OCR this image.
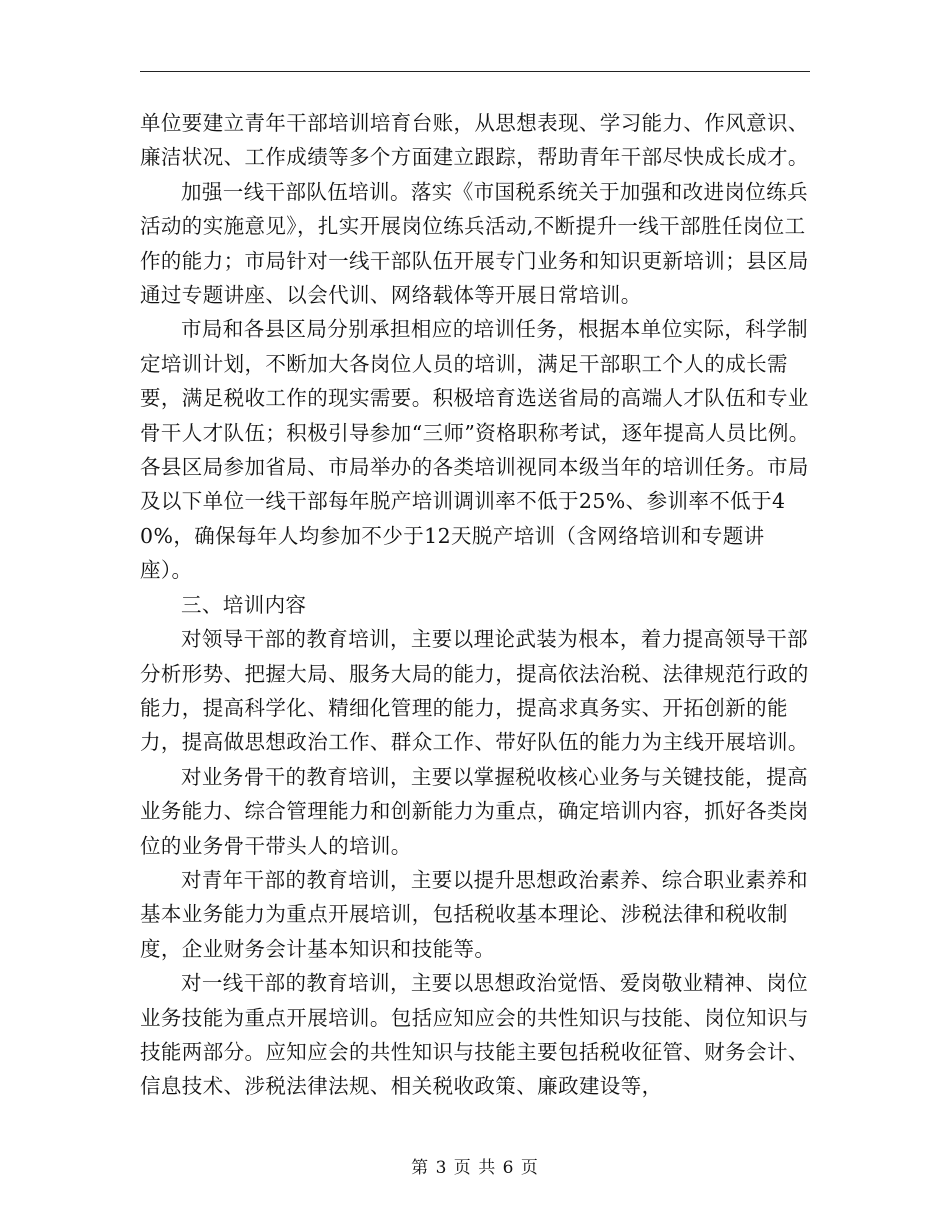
单位要建立青年干部培训培育台账，从思想表现、学习能力、作风意识、廉洁状况、工作成绩等多个方面建立跟踪，帮助青年干部尽快成长成才。

加强一线干部队伍培训。落实《市国税系统关于加强和改进岗位练兵活动的实施意见》，扎实开展岗位练兵活动,不断提升一线干部胜任岗位工作的能力；市局针对一线干部队伍开展专门业务和知识更新培训；县区局通过专题讲座、以会代训、网络载体等开展日常培训。

市局和各县区局分别承担相应的培训任务，根据本单位实际，科学制定培训计划，不断加大各岗位人员的培训，满足干部职工个人的成长需要，满足税收工作的现实需要。积极培育选送省局的高端人才队伍和专业骨干人才队伍；积极引导参加“三师”资格职称考试，逐年提高人员比例。各县区局参加省局、市局举办的各类培训视同本级当年的培训任务。市局及以下单位一线干部每年脱产培训调训率不低于25%、参训率不低于40%，确保每年人均参加不少于12天脱产培训（含网络培训和专题讲座）。

三、培训内容

对领导干部的教育培训，主要以理论武装为根本，着力提高领导干部分析形势、把握大局、服务大局的能力，提高依法治税、法律规范行政的能力，提高科学化、精细化管理的能力，提高求真务实、开拓创新的能力，提高做思想政治工作、群众工作、带好队伍的能力为主线开展培训。

对业务骨干的教育培训，主要以掌握税收核心业务与关键技能，提高业务能力、综合管理能力和创新能力为重点，确定培训内容，抓好各类岗位的业务骨干带头人的培训。

对青年干部的教育培训，主要以提升思想政治素养、综合职业素养和基本业务能力为重点开展培训，包括税收基本理论、涉税法律和税收制度，企业财务会计基本知识和技能等。

对一线干部的教育培训，主要以思想政治觉悟、爱岗敬业精神、岗位业务技能为重点开展培训。包括应知应会的共性知识与技能、岗位知识与技能两部分。应知应会的共性知识与技能主要包括税收征管、财务会计、信息技术、涉税法律法规、相关税收政策、廉政建设等，

第 3 页 共 6 页
